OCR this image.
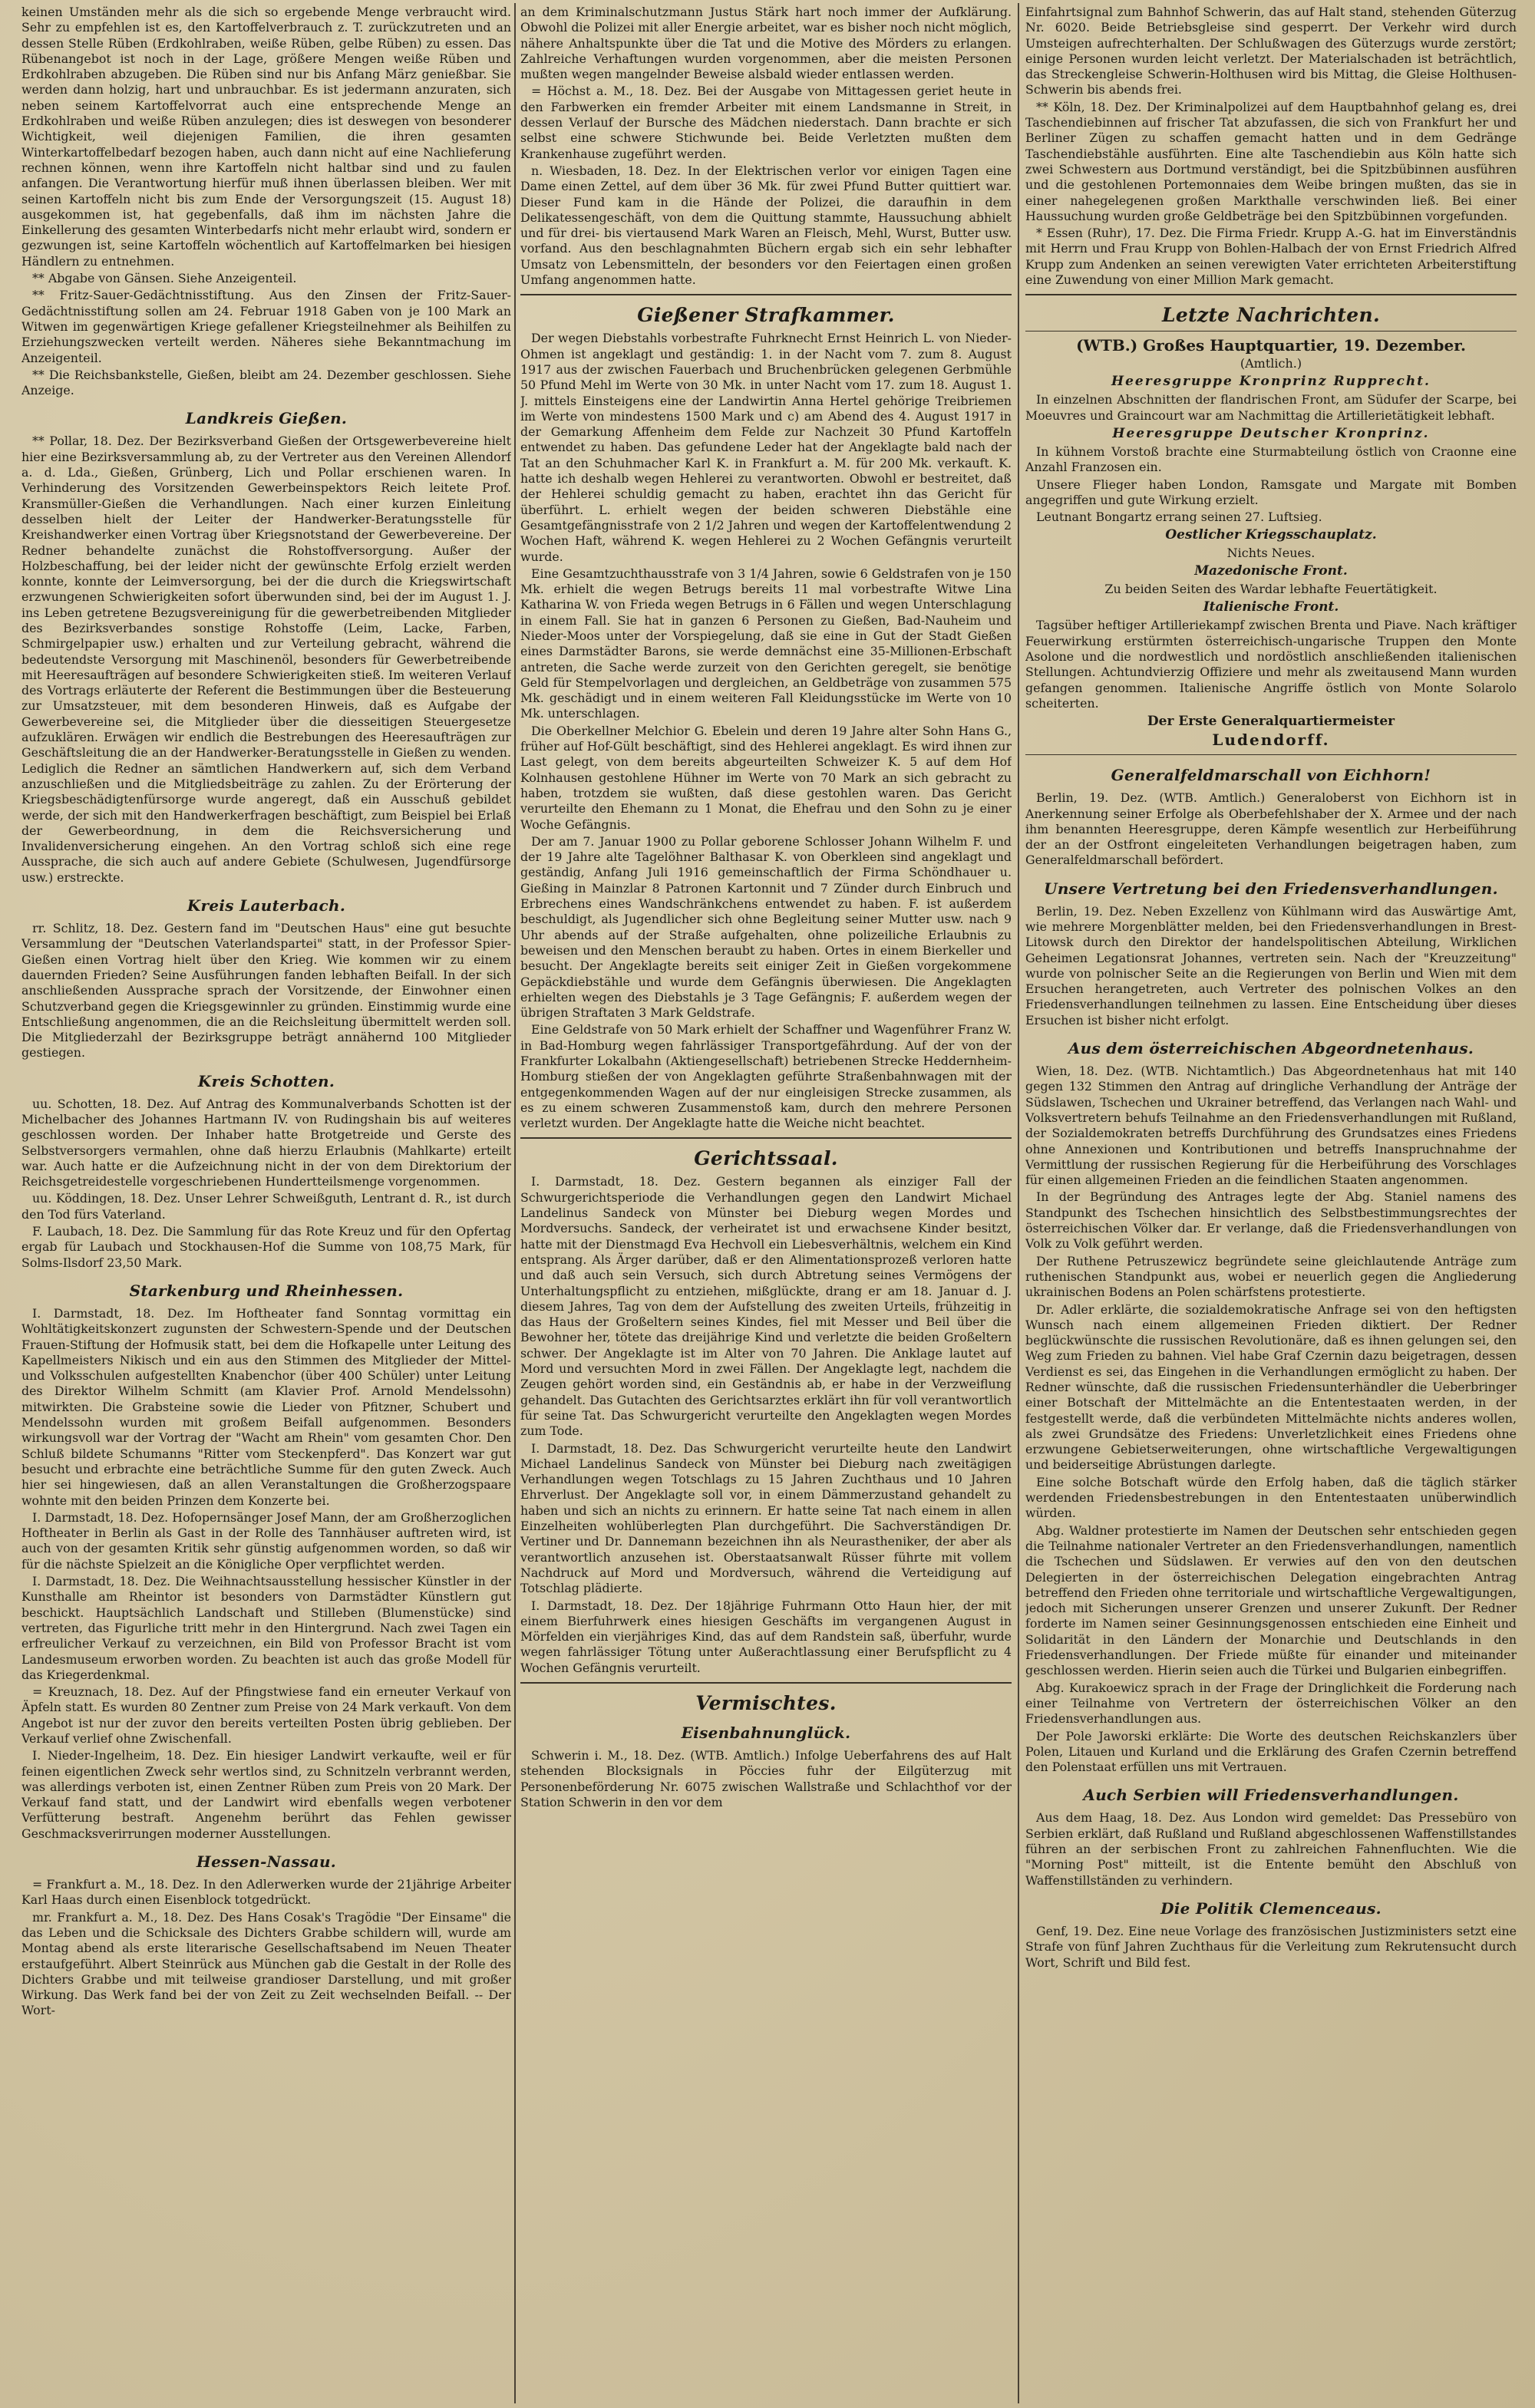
keinen Umständen mehr als die sich so ergebende Menge verbraucht wird. Sehr zu empfehlen ist es, den Kartoffelverbrauch z. T. zurückzutreten und an dessen Stelle Rüben (Erdkohlraben, weiße Rüben, gelbe Rüben) zu essen. Das Rübenangebot ist noch in der Lage, größere Mengen weiße Rüben und Erdkohlraben abzugeben. Die Rüben sind nur bis Anfang März genießbar. Sie werden dann holzig, hart und unbrauchbar. Es ist jedermann anzuraten, sich neben seinem Kartoffelvorrat auch eine entsprechende Menge an Erdkohlraben und weiße Rüben anzulegen; dies ist deswegen von besonderer Wichtigkeit, weil diejenigen Familien, die ihren gesamten Winterkartoffelbedarf bezogen haben, auch dann nicht auf eine Nachlieferung rechnen können, wenn ihre Kartoffeln nicht haltbar sind und zu faulen anfangen. Die Verantwortung hierfür muß ihnen überlassen bleiben. Wer mit seinen Kartoffeln nicht bis zum Ende der Versorgungszeit (15. August 18) ausgekommen ist, hat gegebenfalls, daß ihm im nächsten Jahre die Einkellerung des gesamten Winterbedarfs nicht mehr erlaubt wird, sondern er gezwungen ist, seine Kartoffeln wöchentlich auf Kartoffelmarken bei hiesigen Händlern zu entnehmen.

** Abgabe von Gänsen. Siehe Anzeigenteil.

** Fritz-Sauer-Gedächtnisstiftung. Aus den Zinsen der Fritz-Sauer-Gedächtnisstiftung sollen am 24. Februar 1918 Gaben von je 100 Mark an Witwen im gegenwärtigen Kriege gefallener Kriegsteilnehmer als Beihilfen zu Erziehungszwecken verteilt werden. Näheres siehe Bekanntmachung im Anzeigenteil.

** Die Reichsbankstelle, Gießen, bleibt am 24. Dezember geschlossen. Siehe Anzeige.

Landkreis Gießen.

** Pollar, 18. Dez. Der Bezirksverband Gießen der Ortsgewerbevereine hielt hier eine Bezirksversammlung ab, zu der Vertreter aus den Vereinen Allendorf a. d. Lda., Gießen, Grünberg, Lich und Pollar erschienen waren. In Verhinderung des Vorsitzenden Gewerbeinspektors Reich leitete Prof. Kransmüller-Gießen die Verhandlungen. Nach einer kurzen Einleitung desselben hielt der Leiter der Handwerker-Beratungsstelle für Kreishandwerker einen Vortrag über Kriegsnotstand der Gewerbevereine. Der Redner behandelte zunächst die Rohstoffversorgung. Außer der Holzbeschaffung, bei der leider nicht der gewünschte Erfolg erzielt werden konnte, konnte der Leimversorgung, bei der die durch die Kriegswirtschaft erzwungenen Schwierigkeiten sofort überwunden sind, bei der im August 1. J. ins Leben getretene Bezugsvereinigung für die gewerbetreibenden Mitglieder des Bezirksverbandes sonstige Rohstoffe (Leim, Lacke, Farben, Schmirgelpapier usw.) erhalten und zur Verteilung gebracht, während die bedeutendste Versorgung mit Maschinenöl, besonders für Gewerbetreibende mit Heeresaufträgen auf besondere Schwierigkeiten stieß. Im weiteren Verlauf des Vortrags erläuterte der Referent die Bestimmungen über die Besteuerung zur Umsatzsteuer, mit dem besonderen Hinweis, daß es Aufgabe der Gewerbevereine sei, die Mitglieder über die diesseitigen Steuergesetze aufzuklären. Erwägen wir endlich die Bestrebungen des Heeresaufträgen zur Geschäftsleitung die an der Handwerker-Beratungsstelle in Gießen zu wenden. Lediglich die Redner an sämtlichen Handwerkern auf, sich dem Verband anzuschließen und die Mitgliedsbeiträge zu zahlen. Zu der Erörterung der Kriegsbeschädigtenfürsorge wurde angeregt, daß ein Ausschuß gebildet werde, der sich mit den Handwerkerfragen beschäftigt, zum Beispiel bei Erlaß der Gewerbeordnung, in dem die Reichsversicherung und Invalidenversicherung eingehen. An den Vortrag schloß sich eine rege Aussprache, die sich auch auf andere Gebiete (Schulwesen, Jugendfürsorge usw.) erstreckte.

Kreis Lauterbach.

rr. Schlitz, 18. Dez. Gestern fand im "Deutschen Haus" eine gut besuchte Versammlung der "Deutschen Vaterlandspartei" statt, in der Professor Spier-Gießen einen Vortrag hielt über den Krieg. Wie kommen wir zu einem dauernden Frieden? Seine Ausführungen fanden lebhaften Beifall. In der sich anschließenden Aussprache sprach der Vorsitzende, der Einwohner einen Schutzverband gegen die Kriegsgewinnler zu gründen. Einstimmig wurde eine Entschließung angenommen, die an die Reichsleitung übermittelt werden soll. Die Mitgliederzahl der Bezirksgruppe beträgt annähernd 100 Mitglieder gestiegen.

Kreis Schotten.

uu. Schotten, 18. Dez. Auf Antrag des Kommunalverbands Schotten ist der Michelbacher des Johannes Hartmann IV. von Rudingshain bis auf weiteres geschlossen worden. Der Inhaber hatte Brotgetreide und Gerste des Selbstversorgers vermahlen, ohne daß hierzu Erlaubnis (Mahlkarte) erteilt war. Auch hatte er die Aufzeichnung nicht in der von dem Direktorium der Reichsgetreidestelle vorgeschriebenen Hundertteilsmenge vorgenommen.

uu. Köddingen, 18. Dez. Unser Lehrer Schweißguth, Lentrant d. R., ist durch den Tod fürs Vaterland.

F. Laubach, 18. Dez. Die Sammlung für das Rote Kreuz und für den Opfertag ergab für Laubach und Stockhausen-Hof die Summe von 108,75 Mark, für Solms-Ilsdorf 23,50 Mark.

Starkenburg und Rheinhessen.

I. Darmstadt, 18. Dez. Im Hoftheater fand Sonntag vormittag ein Wohltätigkeitskonzert zugunsten der Schwestern-Spende und der Deutschen Frauen-Stiftung der Hofmusik statt, bei dem die Hofkapelle unter Leitung des Kapellmeisters Nikisch und ein aus den Stimmen des Mitglieder der Mittel- und Volksschulen aufgestellten Knabenchor (über 400 Schüler) unter Leitung des Direktor Wilhelm Schmitt (am Klavier Prof. Arnold Mendelssohn) mitwirkten. Die Grabsteine sowie die Lieder von Pfitzner, Schubert und Mendelssohn wurden mit großem Beifall aufgenommen. Besonders wirkungsvoll war der Vortrag der "Wacht am Rhein" vom gesamten Chor. Den Schluß bildete Schumanns "Ritter vom Steckenpferd". Das Konzert war gut besucht und erbrachte eine beträchtliche Summe für den guten Zweck. Auch hier sei hingewiesen, daß an allen Veranstaltungen die Großherzogspaare wohnte mit den beiden Prinzen dem Konzerte bei.

I. Darmstadt, 18. Dez. Hofopernsänger Josef Mann, der am Großherzoglichen Hoftheater in Berlin als Gast in der Rolle des Tannhäuser auftreten wird, ist auch von der gesamten Kritik sehr günstig aufgenommen worden, so daß wir für die nächste Spielzeit an die Königliche Oper verpflichtet werden.

I. Darmstadt, 18. Dez. Die Weihnachtsausstellung hessischer Künstler in der Kunsthalle am Rheintor ist besonders von Darmstädter Künstlern gut beschickt. Hauptsächlich Landschaft und Stilleben (Blumenstücke) sind vertreten, das Figurliche tritt mehr in den Hintergrund. Nach zwei Tagen ein erfreulicher Verkauf zu verzeichnen, ein Bild von Professor Bracht ist vom Landesmuseum erworben worden. Zu beachten ist auch das große Modell für das Kriegerdenkmal.

= Kreuznach, 18. Dez. Auf der Pfingstwiese fand ein erneuter Verkauf von Äpfeln statt. Es wurden 80 Zentner zum Preise von 24 Mark verkauft. Von dem Angebot ist nur der zuvor den bereits verteilten Posten übrig geblieben. Der Verkauf verlief ohne Zwischenfall.

I. Nieder-Ingelheim, 18. Dez. Ein hiesiger Landwirt verkaufte, weil er für feinen eigentlichen Zweck sehr wertlos sind, zu Schnitzeln verbrannt werden, was allerdings verboten ist, einen Zentner Rüben zum Preis von 20 Mark. Der Verkauf fand statt, und der Landwirt wird ebenfalls wegen verbotener Verfütterung bestraft. Angenehm berührt das Fehlen gewisser Geschmacksverirrungen moderner Ausstellungen.

Hessen-Nassau.

= Frankfurt a. M., 18. Dez. In den Adlerwerken wurde der 21jährige Arbeiter Karl Haas durch einen Eisenblock totgedrückt.

mr. Frankfurt a. M., 18. Dez. Des Hans Cosak's Tragödie "Der Einsame" die das Leben und die Schicksale des Dichters Grabbe schildern will, wurde am Montag abend als erste literarische Gesellschaftsabend im Neuen Theater erstaufgeführt. Albert Steinrück aus München gab die Gestalt in der Rolle des Dichters Grabbe und mit teilweise grandioser Darstellung, und mit großer Wirkung. Das Werk fand bei der von Zeit zu Zeit wechselnden Beifall. -- Der Wort-

an dem Kriminalschutzmann Justus Stärk hart noch immer der Aufklärung. Obwohl die Polizei mit aller Energie arbeitet, war es bisher noch nicht möglich, nähere Anhaltspunkte über die Tat und die Motive des Mörders zu erlangen. Zahlreiche Verhaftungen wurden vorgenommen, aber die meisten Personen mußten wegen mangelnder Beweise alsbald wieder entlassen werden.

= Höchst a. M., 18. Dez. Bei der Ausgabe von Mittagessen geriet heute in den Farbwerken ein fremder Arbeiter mit einem Landsmanne in Streit, in dessen Verlauf der Bursche des Mädchen niederstach. Dann brachte er sich selbst eine schwere Stichwunde bei. Beide Verletzten mußten dem Krankenhause zugeführt werden.

n. Wiesbaden, 18. Dez. In der Elektrischen verlor vor einigen Tagen eine Dame einen Zettel, auf dem über 36 Mk. für zwei Pfund Butter quittiert war. Dieser Fund kam in die Hände der Polizei, die daraufhin in dem Delikatessengeschäft, von dem die Quittung stammte, Haussuchung abhielt und für drei- bis viertausend Mark Waren an Fleisch, Mehl, Wurst, Butter usw. vorfand. Aus den beschlagnahmten Büchern ergab sich ein sehr lebhafter Umsatz von Lebensmitteln, der besonders vor den Feiertagen einen großen Umfang angenommen hatte.

Gießener Strafkammer.

Der wegen Diebstahls vorbestrafte Fuhrknecht Ernst Heinrich L. von Nieder-Ohmen ist angeklagt und geständig: 1. in der Nacht vom 7. zum 8. August 1917 aus der zwischen Fauerbach und Bruchenbrücken gelegenen Gerbmühle 50 Pfund Mehl im Werte von 30 Mk. in unter Nacht vom 17. zum 18. August 1. J. mittels Einsteigens eine der Landwirtin Anna Hertel gehörige Treibriemen im Werte von mindestens 1500 Mark und c) am Abend des 4. August 1917 in der Gemarkung Affenheim dem Felde zur Nachzeit 30 Pfund Kartoffeln entwendet zu haben. Das gefundene Leder hat der Angeklagte bald nach der Tat an den Schuhmacher Karl K. in Frankfurt a. M. für 200 Mk. verkauft. K. hatte ich deshalb wegen Hehlerei zu verantworten. Obwohl er bestreitet, daß der Hehlerei schuldig gemacht zu haben, erachtet ihn das Gericht für überführt. L. erhielt wegen der beiden schweren Diebstähle eine Gesamtgefängnisstrafe von 2 1/2 Jahren und wegen der Kartoffelentwendung 2 Wochen Haft, während K. wegen Hehlerei zu 2 Wochen Gefängnis verurteilt wurde.

Eine Gesamtzuchthausstrafe von 3 1/4 Jahren, sowie 6 Geldstrafen von je 150 Mk. erhielt die wegen Betrugs bereits 11 mal vorbestrafte Witwe Lina Katharina W. von Frieda wegen Betrugs in 6 Fällen und wegen Unterschlagung in einem Fall. Sie hat in ganzen 6 Personen zu Gießen, Bad-Nauheim und Nieder-Moos unter der Vorspiegelung, daß sie eine in Gut der Stadt Gießen eines Darmstädter Barons, sie werde demnächst eine 35-Millionen-Erbschaft antreten, die Sache werde zurzeit von den Gerichten geregelt, sie benötige Geld für Stempelvorlagen und dergleichen, an Geldbeträge von zusammen 575 Mk. geschädigt und in einem weiteren Fall Kleidungsstücke im Werte von 10 Mk. unterschlagen.

Die Oberkellner Melchior G. Ebelein und deren 19 Jahre alter Sohn Hans G., früher auf Hof-Gült beschäftigt, sind des Hehlerei angeklagt. Es wird ihnen zur Last gelegt, von dem bereits abgeurteilten Schweizer K. 5 auf dem Hof Kolnhausen gestohlene Hühner im Werte von 70 Mark an sich gebracht zu haben, trotzdem sie wußten, daß diese gestohlen waren. Das Gericht verurteilte den Ehemann zu 1 Monat, die Ehefrau und den Sohn zu je einer Woche Gefängnis.

Der am 7. Januar 1900 zu Pollar geborene Schlosser Johann Wilhelm F. und der 19 Jahre alte Tagelöhner Balthasar K. von Oberkleen sind angeklagt und geständig, Anfang Juli 1916 gemeinschaftlich der Firma Schöndhauer u. Gießing in Mainzlar 8 Patronen Kartonnit und 7 Zünder durch Einbruch und Erbrechens eines Wandschränkchens entwendet zu haben. F. ist außerdem beschuldigt, als Jugendlicher sich ohne Begleitung seiner Mutter usw. nach 9 Uhr abends auf der Straße aufgehalten, ohne polizeiliche Erlaubnis zu beweisen und den Menschen beraubt zu haben. Ortes in einem Bierkeller und besucht. Der Angeklagte bereits seit einiger Zeit in Gießen vorgekommene Gepäckdiebstähle und wurde dem Gefängnis überwiesen. Die Angeklagten erhielten wegen des Diebstahls je 3 Tage Gefängnis; F. außerdem wegen der übrigen Straftaten 3 Mark Geldstrafe.

Eine Geldstrafe von 50 Mark erhielt der Schaffner und Wagenführer Franz W. in Bad-Homburg wegen fahrlässiger Transportgefährdung. Auf der von der Frankfurter Lokalbahn (Aktiengesellschaft) betriebenen Strecke Heddernheim-Homburg stießen der von Angeklagten geführte Straßenbahnwagen mit der entgegenkommenden Wagen auf der nur eingleisigen Strecke zusammen, als es zu einem schweren Zusammenstoß kam, durch den mehrere Personen verletzt wurden. Der Angeklagte hatte die Weiche nicht beachtet.

Gerichtssaal.

I. Darmstadt, 18. Dez. Gestern begannen als einziger Fall der Schwurgerichtsperiode die Verhandlungen gegen den Landwirt Michael Landelinus Sandeck von Münster bei Dieburg wegen Mordes und Mordversuchs. Sandeck, der verheiratet ist und erwachsene Kinder besitzt, hatte mit der Dienstmagd Eva Hechvoll ein Liebesverhältnis, welchem ein Kind entsprang. Als Ärger darüber, daß er den Alimentationsprozeß verloren hatte und daß auch sein Versuch, sich durch Abtretung seines Vermögens der Unterhaltungspflicht zu entziehen, mißglückte, drang er am 18. Januar d. J. diesem Jahres, Tag von dem der Aufstellung des zweiten Urteils, frühzeitig in das Haus der Großeltern seines Kindes, fiel mit Messer und Beil über die Bewohner her, tötete das dreijährige Kind und verletzte die beiden Großeltern schwer. Der Angeklagte ist im Alter von 70 Jahren. Die Anklage lautet auf Mord und versuchten Mord in zwei Fällen. Der Angeklagte legt, nachdem die Zeugen gehört worden sind, ein Geständnis ab, er habe in der Verzweiflung gehandelt. Das Gutachten des Gerichtsarztes erklärt ihn für voll verantwortlich für seine Tat. Das Schwurgericht verurteilte den Angeklagten wegen Mordes zum Tode.

I. Darmstadt, 18. Dez. Das Schwurgericht verurteilte heute den Landwirt Michael Landelinus Sandeck von Münster bei Dieburg nach zweitägigen Verhandlungen wegen Totschlags zu 15 Jahren Zuchthaus und 10 Jahren Ehrverlust. Der Angeklagte soll vor, in einem Dämmerzustand gehandelt zu haben und sich an nichts zu erinnern. Er hatte seine Tat nach einem in allen Einzelheiten wohlüberlegten Plan durchgeführt. Die Sachverständigen Dr. Vertiner und Dr. Dannemann bezeichnen ihn als Neurastheniker, der aber als verantwortlich anzusehen ist. Oberstaatsanwalt Rüsser führte mit vollem Nachdruck auf Mord und Mordversuch, während die Verteidigung auf Totschlag plädierte.

I. Darmstadt, 18. Dez. Der 18jährige Fuhrmann Otto Haun hier, der mit einem Bierfuhrwerk eines hiesigen Geschäfts im vergangenen August in Mörfelden ein vierjähriges Kind, das auf dem Randstein saß, überfuhr, wurde wegen fahrlässiger Tötung unter Außerachtlassung einer Berufspflicht zu 4 Wochen Gefängnis verurteilt.

Vermischtes.
Eisenbahnunglück.

Schwerin i. M., 18. Dez. (WTB. Amtlich.) Infolge Ueberfahrens des auf Halt stehenden Blocksignals in Pöccies fuhr der Eilgüterzug mit Personenbeförderung Nr. 6075 zwischen Wallstraße und Schlachthof vor der Station Schwerin in den vor dem

Einfahrtsignal zum Bahnhof Schwerin, das auf Halt stand, stehenden Güterzug Nr. 6020. Beide Betriebsgleise sind gesperrt. Der Verkehr wird durch Umsteigen aufrechterhalten. Der Schlußwagen des Güterzugs wurde zerstört; einige Personen wurden leicht verletzt. Der Materialschaden ist beträchtlich, das Streckengleise Schwerin-Holthusen wird bis Mittag, die Gleise Holthusen-Schwerin bis abends frei.

** Köln, 18. Dez. Der Kriminalpolizei auf dem Hauptbahnhof gelang es, drei Taschendiebinnen auf frischer Tat abzufassen, die sich von Frankfurt her und Berliner Zügen zu schaffen gemacht hatten und in dem Gedränge Taschendiebstähle ausführten. Eine alte Taschendiebin aus Köln hatte sich zwei Schwestern aus Dortmund verständigt, bei die Spitzbübinnen ausführen und die gestohlenen Portemonnaies dem Weibe bringen mußten, das sie in einer nahegelegenen großen Markthalle verschwinden ließ. Bei einer Haussuchung wurden große Geldbeträge bei den Spitzbübinnen vorgefunden.

* Essen (Ruhr), 17. Dez. Die Firma Friedr. Krupp A.-G. hat im Einverständnis mit Herrn und Frau Krupp von Bohlen-Halbach der von Ernst Friedrich Alfred Krupp zum Andenken an seinen verewigten Vater errichteten Arbeiterstiftung eine Zuwendung von einer Million Mark gemacht.

Letzte Nachrichten.
(WTB.) Großes Hauptquartier, 19. Dezember.
(Amtlich.)
Heeresgruppe Kronprinz Rupprecht.

In einzelnen Abschnitten der flandrischen Front, am Südufer der Scarpe, bei Moeuvres und Graincourt war am Nachmittag die Artillerietätigkeit lebhaft.

Heeresgruppe Deutscher Kronprinz.

In kühnem Vorstoß brachte eine Sturmabteilung östlich von Craonne eine Anzahl Franzosen ein.

Unsere Flieger haben London, Ramsgate und Margate mit Bomben angegriffen und gute Wirkung erzielt.

Leutnant Bongartz errang seinen 27. Luftsieg.

Oestlicher Kriegsschauplatz.
Nichts Neues.
Mazedonische Front.
Zu beiden Seiten des Wardar lebhafte Feuertätigkeit.
Italienische Front.

Tagsüber heftiger Artilleriekampf zwischen Brenta und Piave. Nach kräftiger Feuerwirkung erstürmten österreichisch-ungarische Truppen den Monte Asolone und die nordwestlich und nordöstlich anschließenden italienischen Stellungen. Achtundvierzig Offiziere und mehr als zweitausend Mann wurden gefangen genommen. Italienische Angriffe östlich von Monte Solarolo scheiterten.

Der Erste Generalquartiermeister
Ludendorff.
Generalfeldmarschall von Eichhorn!

Berlin, 19. Dez. (WTB. Amtlich.) Generaloberst von Eichhorn ist in Anerkennung seiner Erfolge als Oberbefehlshaber der X. Armee und der nach ihm benannten Heeresgruppe, deren Kämpfe wesentlich zur Herbeiführung der an der Ostfront eingeleiteten Verhandlungen beigetragen haben, zum Generalfeldmarschall befördert.

Unsere Vertretung bei den Friedensverhandlungen.

Berlin, 19. Dez. Neben Exzellenz von Kühlmann wird das Auswärtige Amt, wie mehrere Morgenblätter melden, bei den Friedensverhandlungen in Brest-Litowsk durch den Direktor der handelspolitischen Abteilung, Wirklichen Geheimen Legationsrat Johannes, vertreten sein. Nach der "Kreuzzeitung" wurde von polnischer Seite an die Regierungen von Berlin und Wien mit dem Ersuchen herangetreten, auch Vertreter des polnischen Volkes an den Friedensverhandlungen teilnehmen zu lassen. Eine Entscheidung über dieses Ersuchen ist bisher nicht erfolgt.

Aus dem österreichischen Abgeordnetenhaus.

Wien, 18. Dez. (WTB. Nichtamtlich.) Das Abgeordnetenhaus hat mit 140 gegen 132 Stimmen den Antrag auf dringliche Verhandlung der Anträge der Südslawen, Tschechen und Ukrainer betreffend, das Verlangen nach Wahl- und Volksvertretern behufs Teilnahme an den Friedensverhandlungen mit Rußland, der Sozialdemokraten betreffs Durchführung des Grundsatzes eines Friedens ohne Annexionen und Kontributionen und betreffs Inanspruchnahme der Vermittlung der russischen Regierung für die Herbeiführung des Vorschlages für einen allgemeinen Frieden an die feindlichen Staaten angenommen.

In der Begründung des Antrages legte der Abg. Staniel namens des Standpunkt des Tschechen hinsichtlich des Selbstbestimmungsrechtes der österreichischen Völker dar. Er verlange, daß die Friedensverhandlungen von Volk zu Volk geführt werden.

Der Ruthene Petruszewicz begründete seine gleichlautende Anträge zum ruthenischen Standpunkt aus, wobei er neuerlich gegen die Angliederung ukrainischen Bodens an Polen schärfstens protestierte.

Dr. Adler erklärte, die sozialdemokratische Anfrage sei von den heftigsten Wunsch nach einem allgemeinen Frieden diktiert. Der Redner beglückwünschte die russischen Revolutionäre, daß es ihnen gelungen sei, den Weg zum Frieden zu bahnen. Viel habe Graf Czernin dazu beigetragen, dessen Verdienst es sei, das Eingehen in die Verhandlungen ermöglicht zu haben. Der Redner wünschte, daß die russischen Friedensunterhändler die Ueberbringer einer Botschaft der Mittelmächte an die Ententestaaten werden, in der festgestellt werde, daß die verbündeten Mittelmächte nichts anderes wollen, als zwei Grundsätze des Friedens: Unverletzlichkeit eines Friedens ohne erzwungene Gebietserweiterungen, ohne wirtschaftliche Vergewaltigungen und beiderseitige Abrüstungen darlegte.

Eine solche Botschaft würde den Erfolg haben, daß die täglich stärker werdenden Friedensbestrebungen in den Ententestaaten unüberwindlich würden.

Abg. Waldner protestierte im Namen der Deutschen sehr entschieden gegen die Teilnahme nationaler Vertreter an den Friedensverhandlungen, namentlich die Tschechen und Südslawen. Er verwies auf den von den deutschen Delegierten in der österreichischen Delegation eingebrachten Antrag betreffend den Frieden ohne territoriale und wirtschaftliche Vergewaltigungen, jedoch mit Sicherungen unserer Grenzen und unserer Zukunft. Der Redner forderte im Namen seiner Gesinnungsgenossen entschieden eine Einheit und Solidarität in den Ländern der Monarchie und Deutschlands in den Friedensverhandlungen. Der Friede müßte für einander und miteinander geschlossen werden. Hierin seien auch die Türkei und Bulgarien einbegriffen.

Abg. Kurakoewicz sprach in der Frage der Dringlichkeit die Forderung nach einer Teilnahme von Vertretern der österreichischen Völker an den Friedensverhandlungen aus.

Der Pole Jaworski erklärte: Die Worte des deutschen Reichskanzlers über Polen, Litauen und Kurland und die Erklärung des Grafen Czernin betreffend den Polenstaat erfüllen uns mit Vertrauen.

Auch Serbien will Friedensverhandlungen.

Aus dem Haag, 18. Dez. Aus London wird gemeldet: Das Pressebüro von Serbien erklärt, daß Rußland und Rußland abgeschlossenen Waffenstillstandes führen an der serbischen Front zu zahlreichen Fahnenfluchten. Wie die "Morning Post" mitteilt, ist die Entente bemüht den Abschluß von Waffenstillständen zu verhindern.

Die Politik Clemenceaus.

Genf, 19. Dez. Eine neue Vorlage des französischen Justizministers setzt eine Strafe von fünf Jahren Zuchthaus für die Verleitung zum Rekrutensucht durch Wort, Schrift und Bild fest.
